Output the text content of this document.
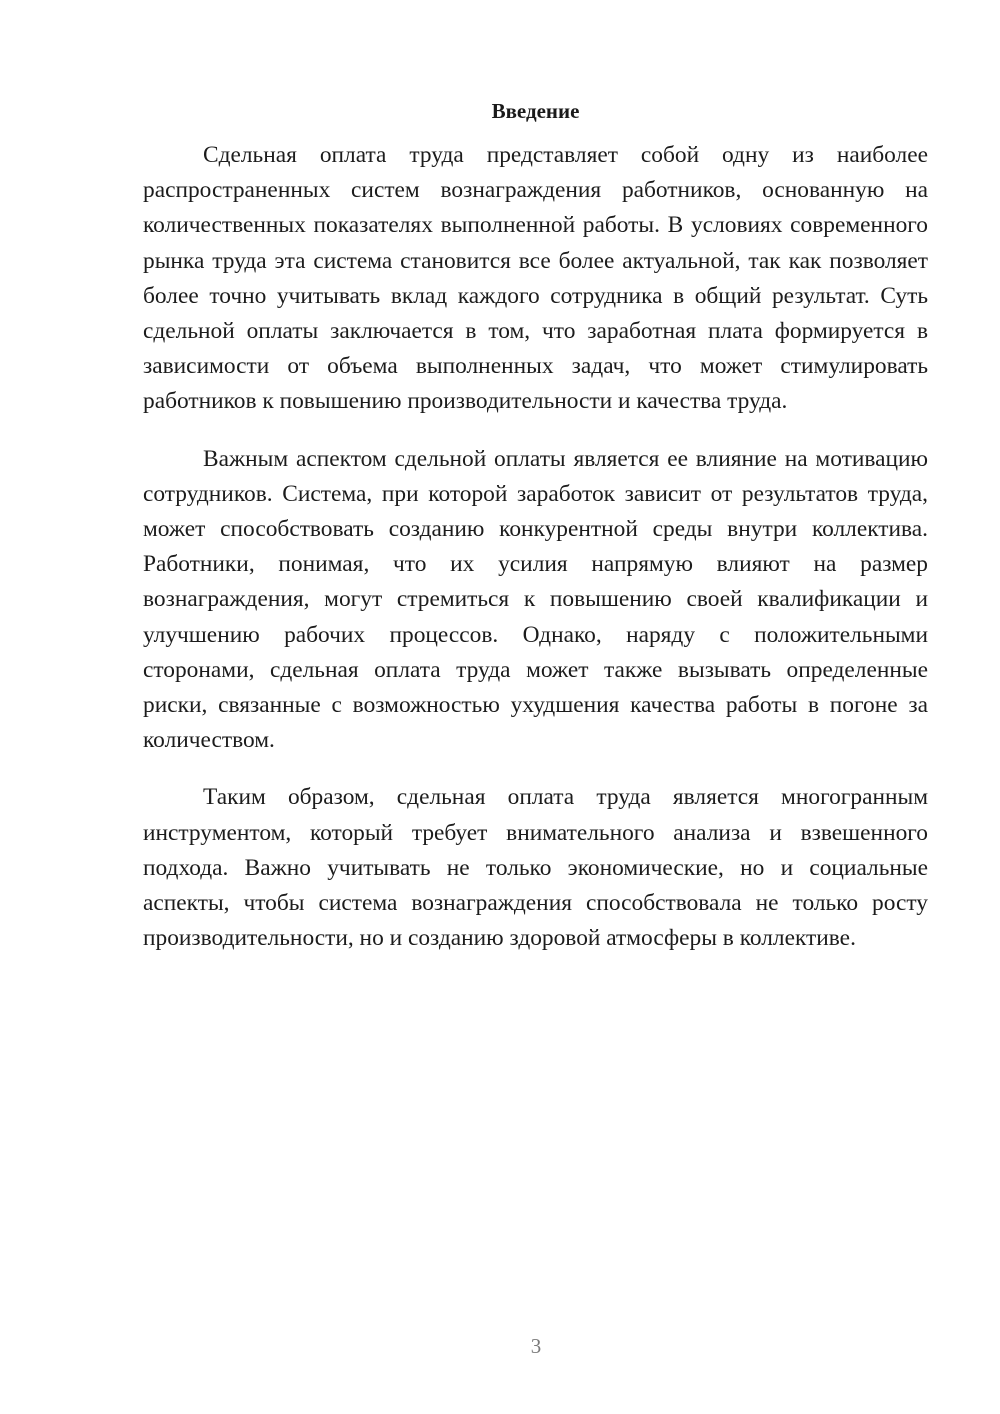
Введение

Сдельная оплата труда представляет собой одну из наиболее распространенных систем вознаграждения работников, основанную на количественных показателях выполненной работы. В условиях современного рынка труда эта система становится все более актуальной, так как позволяет более точно учитывать вклад каждого сотрудника в общий результат. Суть сдельной оплаты заключается в том, что заработная плата формируется в зависимости от объема выполненных задач, что может стимулировать работников к повышению производительности и качества труда.

Важным аспектом сдельной оплаты является ее влияние на мотивацию сотрудников. Система, при которой заработок зависит от результатов труда, может способствовать созданию конкурентной среды внутри коллектива. Работники, понимая, что их усилия напрямую влияют на размер вознаграждения, могут стремиться к повышению своей квалификации и улучшению рабочих процессов. Однако, наряду с положительными сторонами, сдельная оплата труда может также вызывать определенные риски, связанные с возможностью ухудшения качества работы в погоне за количеством.

Таким образом, сдельная оплата труда является многогранным инструментом, который требует внимательного анализа и взвешенного подхода. Важно учитывать не только экономические, но и социальные аспекты, чтобы система вознаграждения способствовала не только росту производительности, но и созданию здоровой атмосферы в коллективе.

3
